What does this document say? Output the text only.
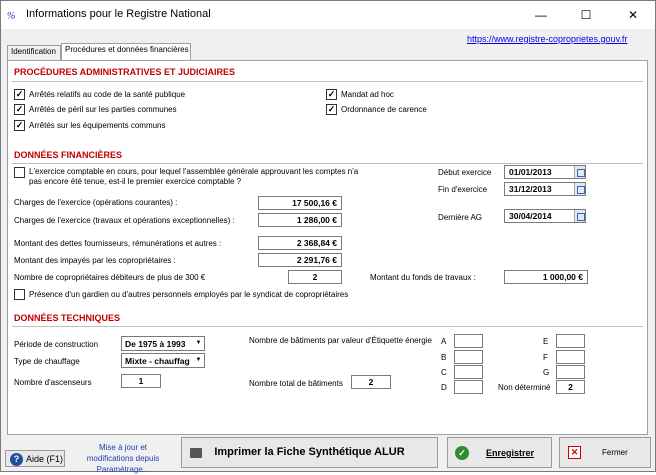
% Informations pour le Registre National	—	☐	✕
Identification	Procédures et données financières
https://www.registre-coproprietes.gouv.fr
PROCÉDURES ADMINISTRATIVES ET JUDICIAIRES
✓ Arrêtés relatifs au code de la santé publique
✓ Arrêtés de péril sur les parties communes
✓ Arrêtés sur les équipements communs
✓ Mandat ad hoc
✓ Ordonnance de carence
DONNÉES FINANCIÈRES
L'exercice comptable en cours, pour lequel l'assemblée générale approuvant les comptes n'a pas encore été tenue, est-il le premier exercice comptable ?
Charges de l'exercice (opérations courantes) :	17 500,16 €
Charges de l'exercice (travaux et opérations exceptionnelles) :	1 286,00 €
Montant des dettes fournisseurs, rémunérations et autres :	2 368,84 €
Montant des impayés par les copropriétaires :	2 291,76 €
Nombre de copropriétaires débiteurs de plus de 300 €	2	Montant du fonds de travaux :	1 000,00 €
Présence d'un gardien ou d'autres personnels employés par le syndicat de copropriétaires
Début exercice	01/01/2013
Fin d'exercice	31/12/2013
Dernière AG	30/04/2014
DONNÉES TECHNIQUES
Période de construction	De 1975 à 1993	▼
Type de chauffage	Mixte - chauffag ▼
Nombre d'ascenseurs	1
Nombre de bâtiments par valeur d'Étiquette énergie
Nombre total de bâtiments	2
A
B
C
D
E
F
G
Non déterminé	2
? Aide (F1)
Mise à jour et modifications depuis Paramétrage...
Imprimer la Fiche Synthétique ALUR	✓	Enregistrer	✕	Fermer
